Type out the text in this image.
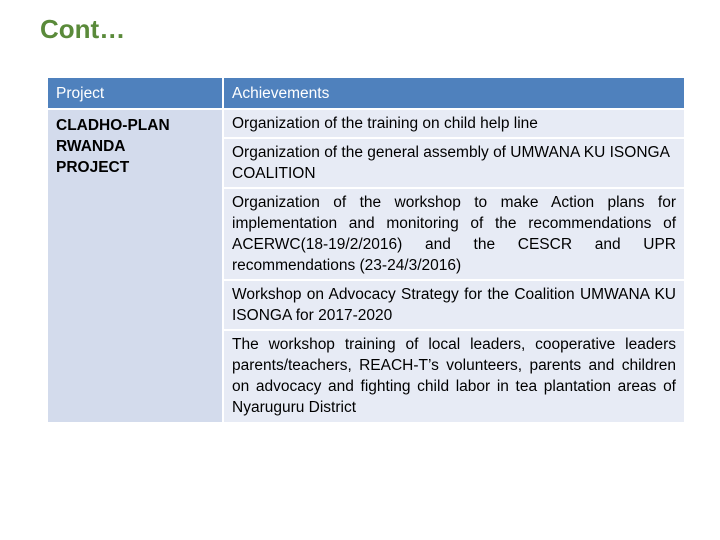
Cont…
Project	Achievements

CLADHO-PLAN RWANDA PROJECT	Organization of the training on child help line
	Organization of the general assembly of UMWANA KU ISONGA COALITION
	Organization of the workshop to make Action plans for implementation and monitoring of the recommendations of ACERWC(18-19/2/2016) and the CESCR and UPR recommendations (23-24/3/2016)
	Workshop on Advocacy Strategy for the Coalition UMWANA KU ISONGA for 2017-2020
	The workshop training of local leaders, cooperative leaders parents/teachers, REACH-T’s volunteers, parents and children on advocacy and fighting child labor in tea plantation areas of Nyaruguru District
